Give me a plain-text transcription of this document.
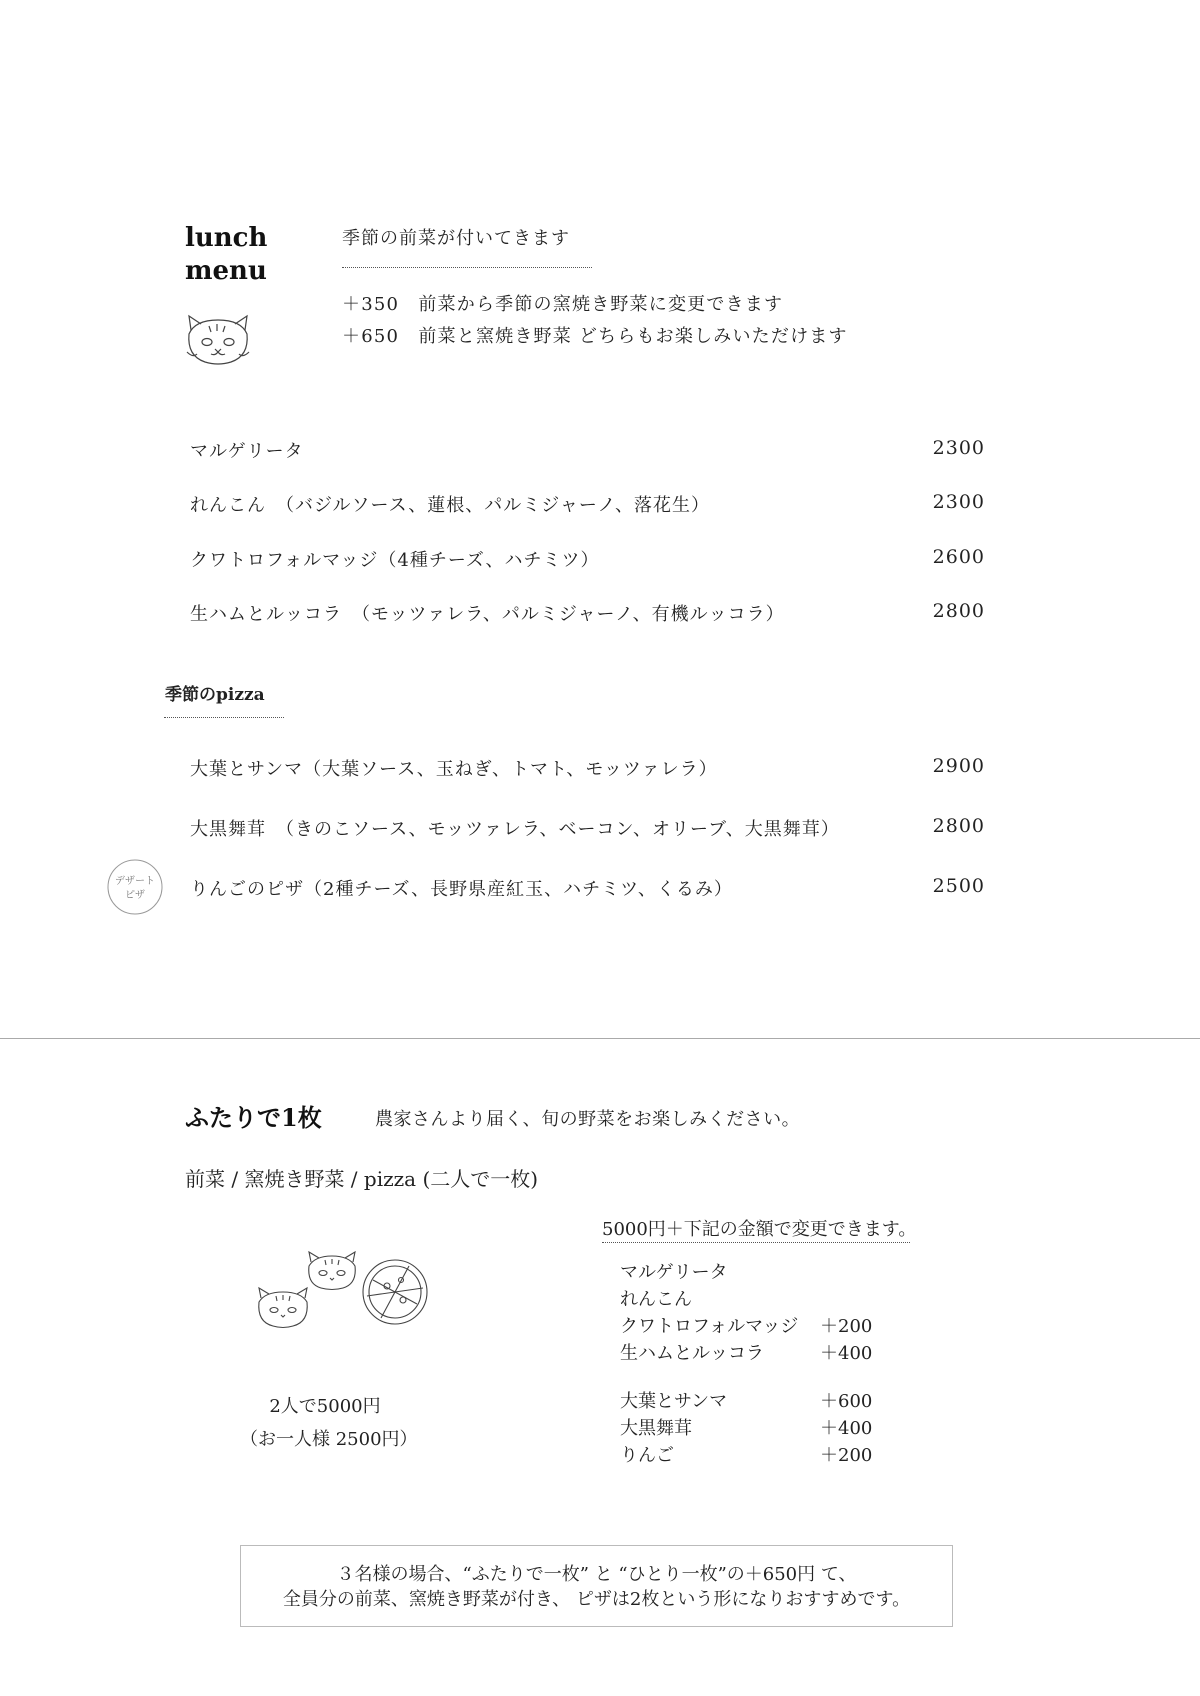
lunch
menu
季節の前菜が付いてきます
＋350　前菜から季節の窯焼き野菜に変更できます
＋650　前菜と窯焼き野菜 どちらもお楽しみいただけます
マルゲリータ	2300
れんこん　（バジルソース、蓮根、パルミジャーノ、落花生）	2300
クワトロフォルマッジ（4種チーズ、ハチミツ）	2600
生ハムとルッコラ　（モッツァレラ、パルミジャーノ、有機ルッコラ）	2800
季節のpizza
大葉とサンマ（大葉ソース、玉ねぎ、トマト、モッツァレラ）	2900
大黒舞茸　（きのこソース、モッツァレラ、ベーコン、オリーブ、大黒舞茸）	2800
りんごのピザ（2種チーズ、長野県産紅玉、ハチミツ、くるみ）	2500
デザート
ピザ
ふたりで1枚	農家さんより届く、旬の野菜をお楽しみください。
前菜 / 窯焼き野菜 / pizza (二人で一枚)
2人で5000円
（お一人様 2500円）
5000円＋下記の金額で変更できます。
マルゲリータ
れんこん
クワトロフォルマッジ ＋200
生ハムとルッコラ	＋400
大葉とサンマ	＋600
大黒舞茸	＋400
りんご	＋200
３名様の場合、“ふたりで一枚” と “ひとり一枚”の＋650円 て、
全員分の前菜、窯焼き野菜が付き、 ピザは2枚という形になりおすすめです。
